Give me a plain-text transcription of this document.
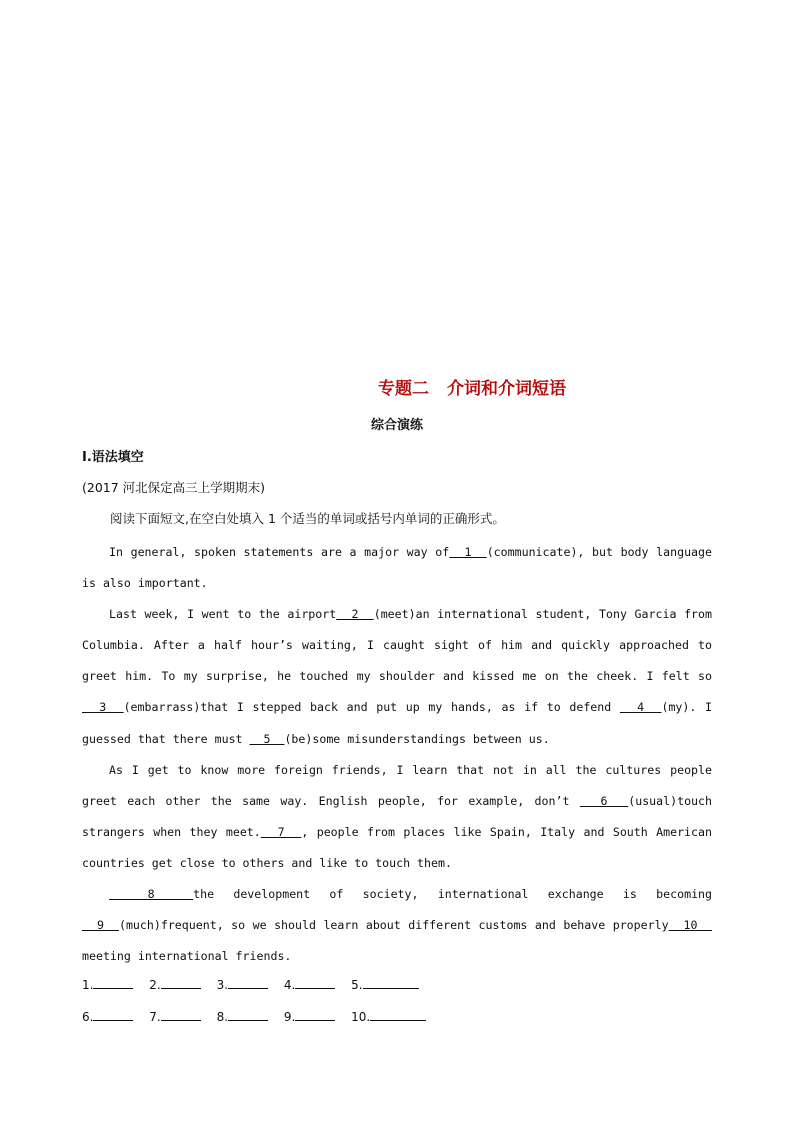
专题二 介词和介词短语
综合演练
Ⅰ.语法填空
(2017 河北保定高三上学期期末)
阅读下面短文,在空白处填入 1 个适当的单词或括号内单词的正确形式。

In general, spoken statements are a major way of  1  (communicate), but body language is also important.

Last week, I went to the airport  2  (meet)an international student, Tony Garcia from Columbia. After a half hour’s waiting, I caught sight of him and quickly approached to greet him. To my surprise, he touched my shoulder and kissed me on the cheek. I felt so  3  (embarrass)that I stepped back and put up my hands, as if to defend   4  (my). I guessed that there must   5  (be)some misunderstandings between us.

As I get to know more foreign friends, I learn that not in all the cultures people greet each other the same way. English people, for example, don’t   6  (usual)touch strangers when they meet.  7  , people from places like Spain, Italy and South American countries get close to others and like to touch them.

8  the development of society, international exchange is becoming   9  (much)frequent, so we should learn about different customs and behave properly  10   meeting international friends.

1.	2.	3.	4.	5.
6.	7.	8.	9.	10.
